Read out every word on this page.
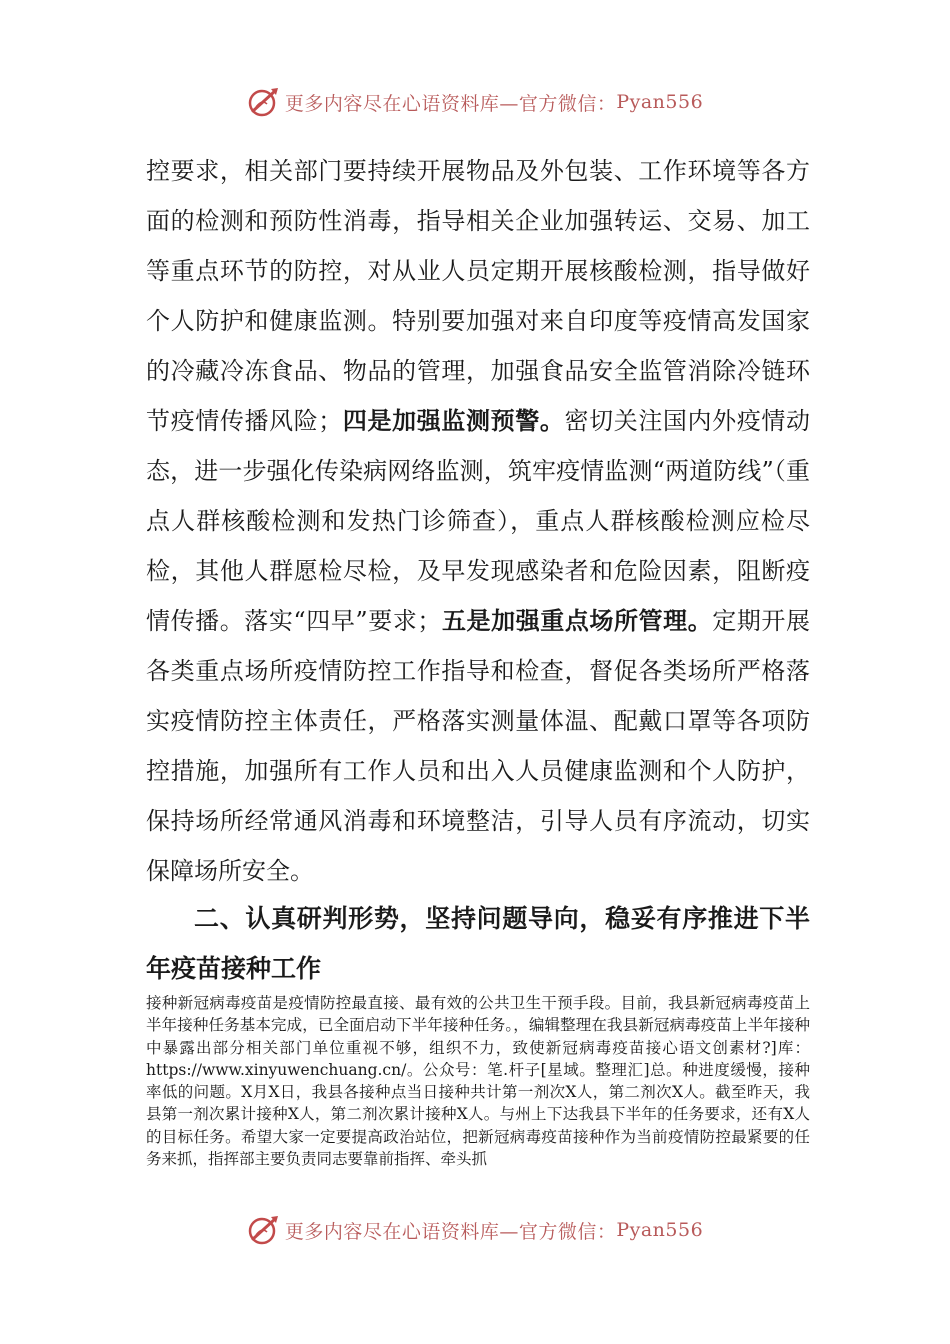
更多内容尽在心语资料库—官方微信： Pyan556
控要求，相关部门要持续开展物品及外包装、工作环境等各方面的检测和预防性消毒，指导相关企业加强转运、交易、加工等重点环节的防控，对从业人员定期开展核酸检测，指导做好个人防护和健康监测。特别要加强对来自印度等疫情高发国家的冷藏冷冻食品、物品的管理，加强食品安全监管消除冷链环节疫情传播风险；四是加强监测预警。密切关注国内外疫情动态，进一步强化传染病网络监测，筑牢疫情监测“两道防线”（重点人群核酸检测和发热门诊筛查），重点人群核酸检测应检尽检，其他人群愿检尽检，及早发现感染者和危险因素，阻断疫情传播。落实“四早”要求；五是加强重点场所管理。定期开展各类重点场所疫情防控工作指导和检查，督促各类场所严格落实疫情防控主体责任，严格落实测量体温、配戴口罩等各项防控措施，加强所有工作人员和出入人员健康监测和个人防护，保持场所经常通风消毒和环境整洁，引导人员有序流动，切实保障场所安全。
二、认真研判形势，坚持问题导向，稳妥有序推进下半年疫苗接种工作
接种新冠病毒疫苗是疫情防控最直接、最有效的公共卫生干预手段。目前，我县新冠病毒疫苗上半年接种任务基本完成，已全面启动下半年接种任务。，编辑整理在我县新冠病毒疫苗上半年接种中暴露出部分相关部门单位重视不够，组织不力，致使新冠病毒疫苗接心语文创素材?]库：https://www.xinyuwenchuang.cn/。公众号：笔.杆子[星域。整理汇]总。种进度缓慢，接种率低的问题。X月X日，我县各接种点当日接种共计第一剂次X人，第二剂次X人。截至昨天，我县第一剂次累计接种X人，第二剂次累计接种X人。与州上下达我县下半年的任务要求，还有X人的目标任务。希望大家一定要提高政治站位，把新冠病毒疫苗接种作为当前疫情防控最紧要的任务来抓，指挥部主要负责同志要靠前指挥、牵头抓
更多内容尽在心语资料库—官方微信： Pyan556
